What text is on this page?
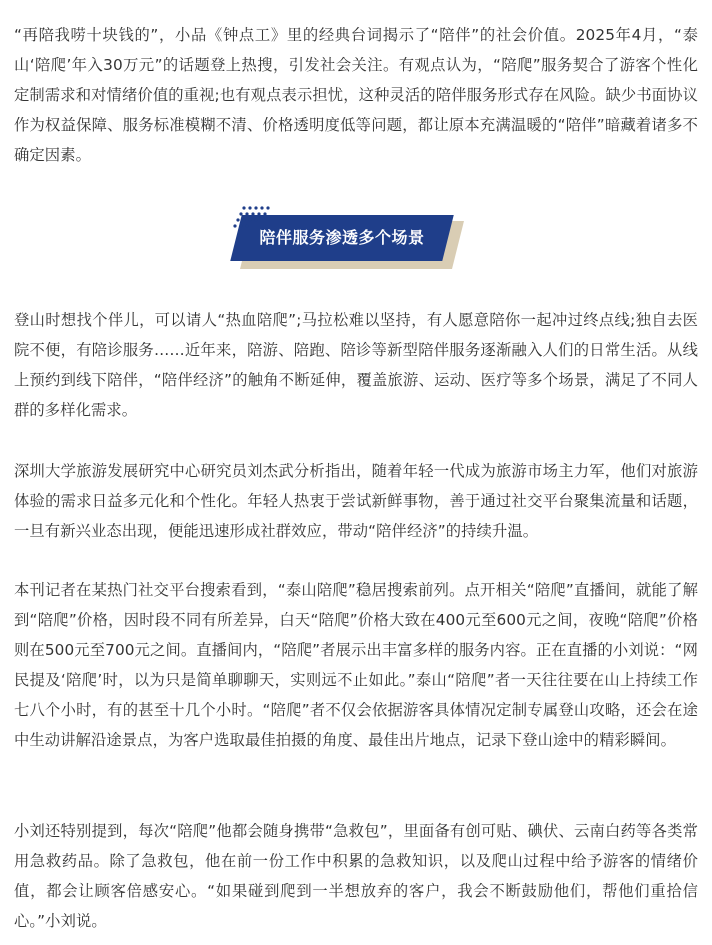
“再陪我唠十块钱的”，小品《钟点工》里的经典台词揭示了“陪伴”的社会价值。2025年4月，“泰山‘陪爬’年入30万元”的话题登上热搜，引发社会关注。有观点认为，“陪爬”服务契合了游客个性化定制需求和对情绪价值的重视;也有观点表示担忧，这种灵活的陪伴服务形式存在风险。缺少书面协议作为权益保障、服务标准模糊不清、价格透明度低等问题，都让原本充满温暖的“陪伴”暗藏着诸多不确定因素。

陪伴服务渗透多个场景

登山时想找个伴儿，可以请人“热血陪爬”;马拉松难以坚持，有人愿意陪你一起冲过终点线;独自去医院不便，有陪诊服务……近年来，陪游、陪跑、陪诊等新型陪伴服务逐渐融入人们的日常生活。从线上预约到线下陪伴，“陪伴经济”的触角不断延伸，覆盖旅游、运动、医疗等多个场景，满足了不同人群的多样化需求。

深圳大学旅游发展研究中心研究员刘杰武分析指出，随着年轻一代成为旅游市场主力军，他们对旅游体验的需求日益多元化和个性化。年轻人热衷于尝试新鲜事物，善于通过社交平台聚集流量和话题，一旦有新兴业态出现，便能迅速形成社群效应，带动“陪伴经济”的持续升温。

本刊记者在某热门社交平台搜索看到，“泰山陪爬”稳居搜索前列。点开相关“陪爬”直播间，就能了解到“陪爬”价格，因时段不同有所差异，白天“陪爬”价格大致在400元至600元之间，夜晚“陪爬”价格则在500元至700元之间。直播间内，“陪爬”者展示出丰富多样的服务内容。正在直播的小刘说：“网民提及‘陪爬’时，以为只是简单聊聊天，实则远不止如此。”泰山“陪爬”者一天往往要在山上持续工作七八个小时，有的甚至十几个小时。“陪爬”者不仅会依据游客具体情况定制专属登山攻略，还会在途中生动讲解沿途景点，为客户选取最佳拍摄的角度、最佳出片地点，记录下登山途中的精彩瞬间。

小刘还特别提到，每次“陪爬”他都会随身携带“急救包”，里面备有创可贴、碘伏、云南白药等各类常用急救药品。除了急救包，他在前一份工作中积累的急救知识，以及爬山过程中给予游客的情绪价值，都会让顾客倍感安心。“如果碰到爬到一半想放弃的客户，我会不断鼓励他们，帮他们重拾信心。”小刘说。
